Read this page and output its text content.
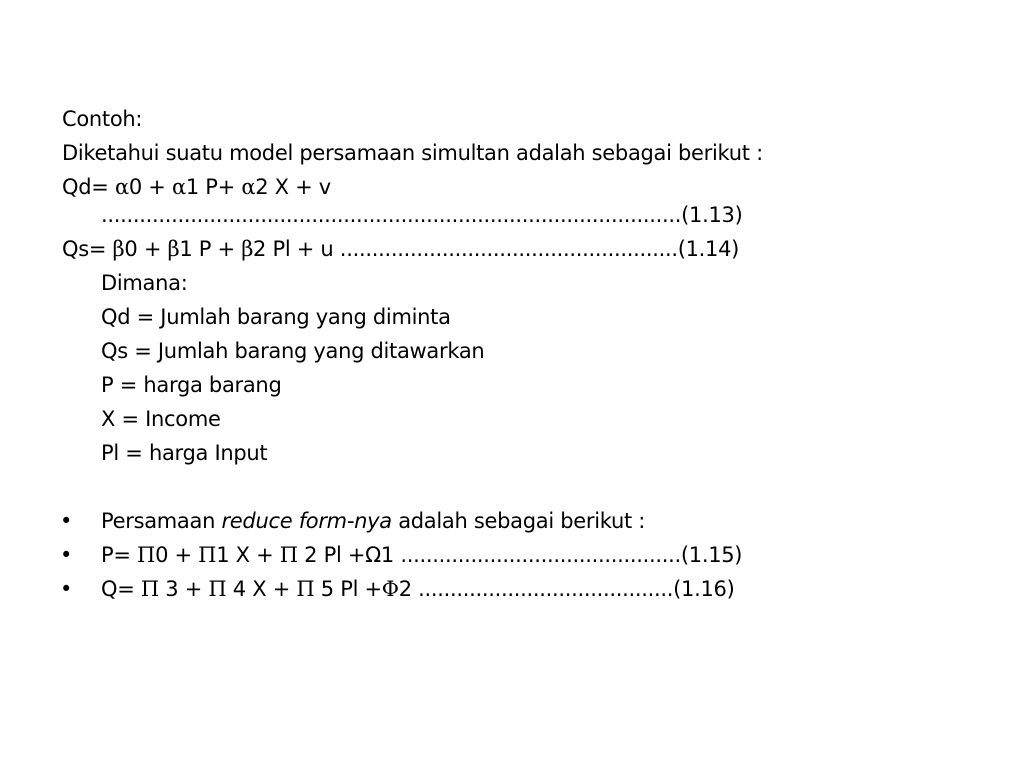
Contoh:
Diketahui suatu model persamaan simultan adalah sebagai berikut :
Qd= α0 + α1 P+ α2 X + v
...........................................................................................(1.13)
Qs= β0 + β1 P + β2 Pl + u .....................................................(1.14)
Dimana:
Qd = Jumlah barang yang diminta
Qs = Jumlah barang yang ditawarkan
P = harga barang
X = Income
Pl = harga Input
•	Persamaan reduce form-nya adalah sebagai berikut :
•	P= Π0 + Π1 X + Π 2 Pl +Ω1 ............................................(1.15)
•	Q= Π 3 + Π 4 X + Π 5 Pl +Φ2 ........................................(1.16)
